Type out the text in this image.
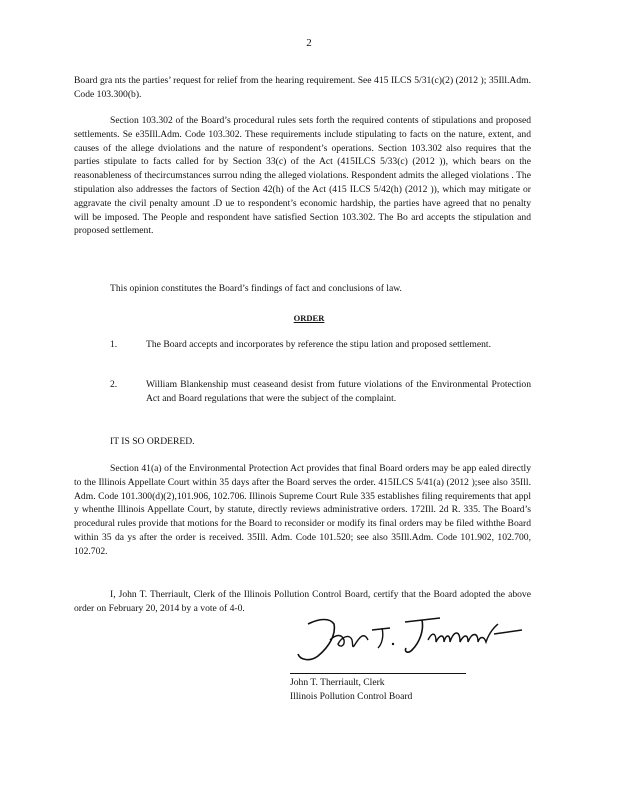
2

Board gra nts the parties’ request for relief from the hearing requirement. See 415 ILCS 5/31(c)(2) (2012 ); 35Ill.Adm. Code 103.300(b).

Section 103.302 of the Board’s procedural rules sets forth the required contents of stipulations and proposed settlements. Se e35Ill.Adm. Code 103.302. These requirements include stipulating to facts on the nature, extent, and causes of the allege dviolations and the nature of respondent’s operations. Section 103.302 also requires that the parties stipulate to facts called for by Section 33(c) of the Act (415ILCS 5/33(c) (2012 )), which bears on the reasonableness of thecircumstances surrou nding the alleged violations. Respondent admits the alleged violations . The stipulation also addresses the factors of Section 42(h) of the Act (415 ILCS 5/42(h) (2012 )), which may mitigate or aggravate the civil penalty amount .D ue to respondent’s economic hardship, the parties have agreed that no penalty will be imposed. The People and respondent have satisfied Section 103.302. The Bo ard accepts the stipulation and proposed settlement.

This opinion constitutes the Board’s findings of fact and conclusions of law.

ORDER
1.	The Board accepts and incorporates by reference the stipu lation and proposed settlement.

2.	William Blankenship must ceaseand desist from future violations of the Environmental Protection Act and Board regulations that were the subject of the complaint.

IT IS SO ORDERED.

Section 41(a) of the Environmental Protection Act provides that final Board orders may be app ealed directly to the Illinois Appellate Court within 35 days after the Board serves the order. 415ILCS 5/41(a) (2012 );see also 35Ill. Adm. Code 101.300(d)(2),101.906, 102.706. Illinois Supreme Court Rule 335 establishes filing requirements that appl y whenthe Illinois Appellate Court, by statute, directly reviews administrative orders. 172Ill. 2d R. 335. The Board’s procedural rules provide that motions for the Board to reconsider or modify its final orders may be filed withthe Board within 35 da ys after the order is received. 35Ill. Adm. Code 101.520; see also 35Ill.Adm. Code 101.902, 102.700, 102.702.

I, John T. Therriault, Clerk of the Illinois Pollution Control Board, certify that the Board adopted the above order on February 20, 2014 by a vote of 4-0.	John T. Therriault
John T. Therriault, Clerk
Illinois Pollution Control Board
